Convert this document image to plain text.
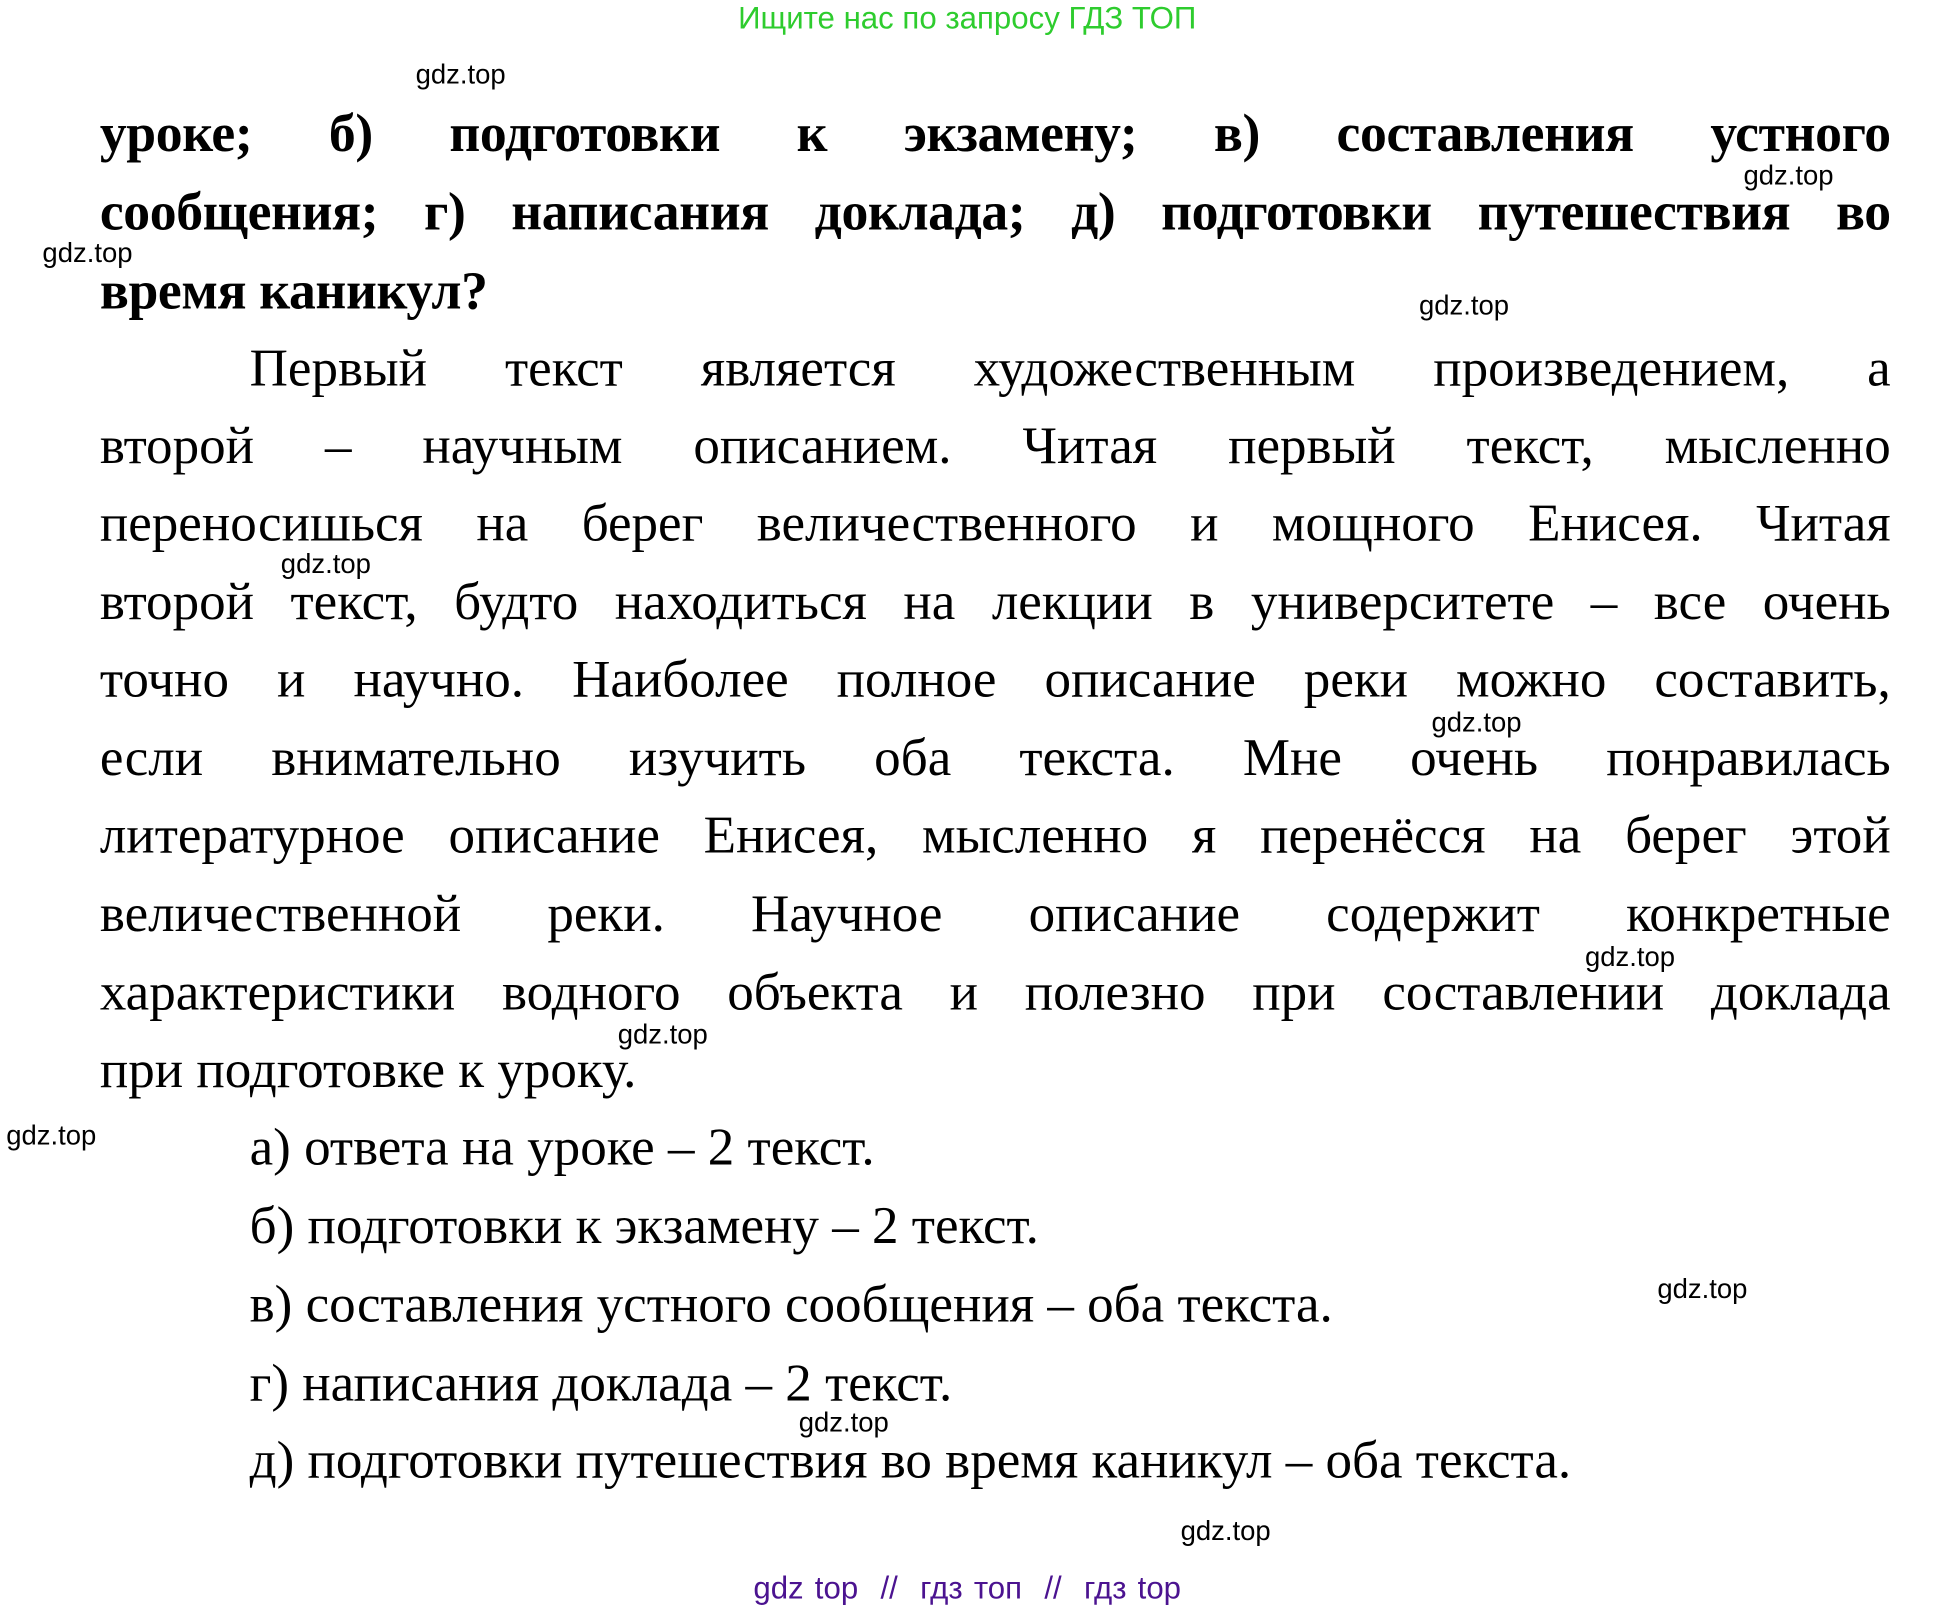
Ищите нас по запросу ГДЗ ТОП
уроке; б) подготовки к экзамену; в) составления устного
сообщения; г) написания доклада; д) подготовки путешествия во
время каникул?
Первый текст является художественным произведением, а
второй – научным описанием. Читая первый текст, мысленно
переносишься на берег величественного и мощного Енисея. Читая
второй текст, будто находиться на лекции в университете – все очень
точно и научно. Наиболее полное описание реки можно составить,
если внимательно изучить оба текста. Мне очень понравилась
литературное описание Енисея, мысленно я перенёсся на берег этой
величественной реки. Научное описание содержит конкретные
характеристики водного объекта и полезно при составлении доклада
при подготовке к уроку.
а) ответа на уроке – 2 текст.
б) подготовки к экзамену – 2 текст.
в) составления устного сообщения – оба текста.
г) написания доклада – 2 текст.
д) подготовки путешествия во время каникул – оба текста.
gdz.top
gdz.top
gdz.top
gdz.top
gdz.top
gdz.top
gdz.top
gdz.top
gdz.top
gdz.top
gdz.top
gdz.top
gdz top  //  гдз топ  //  гдз top
